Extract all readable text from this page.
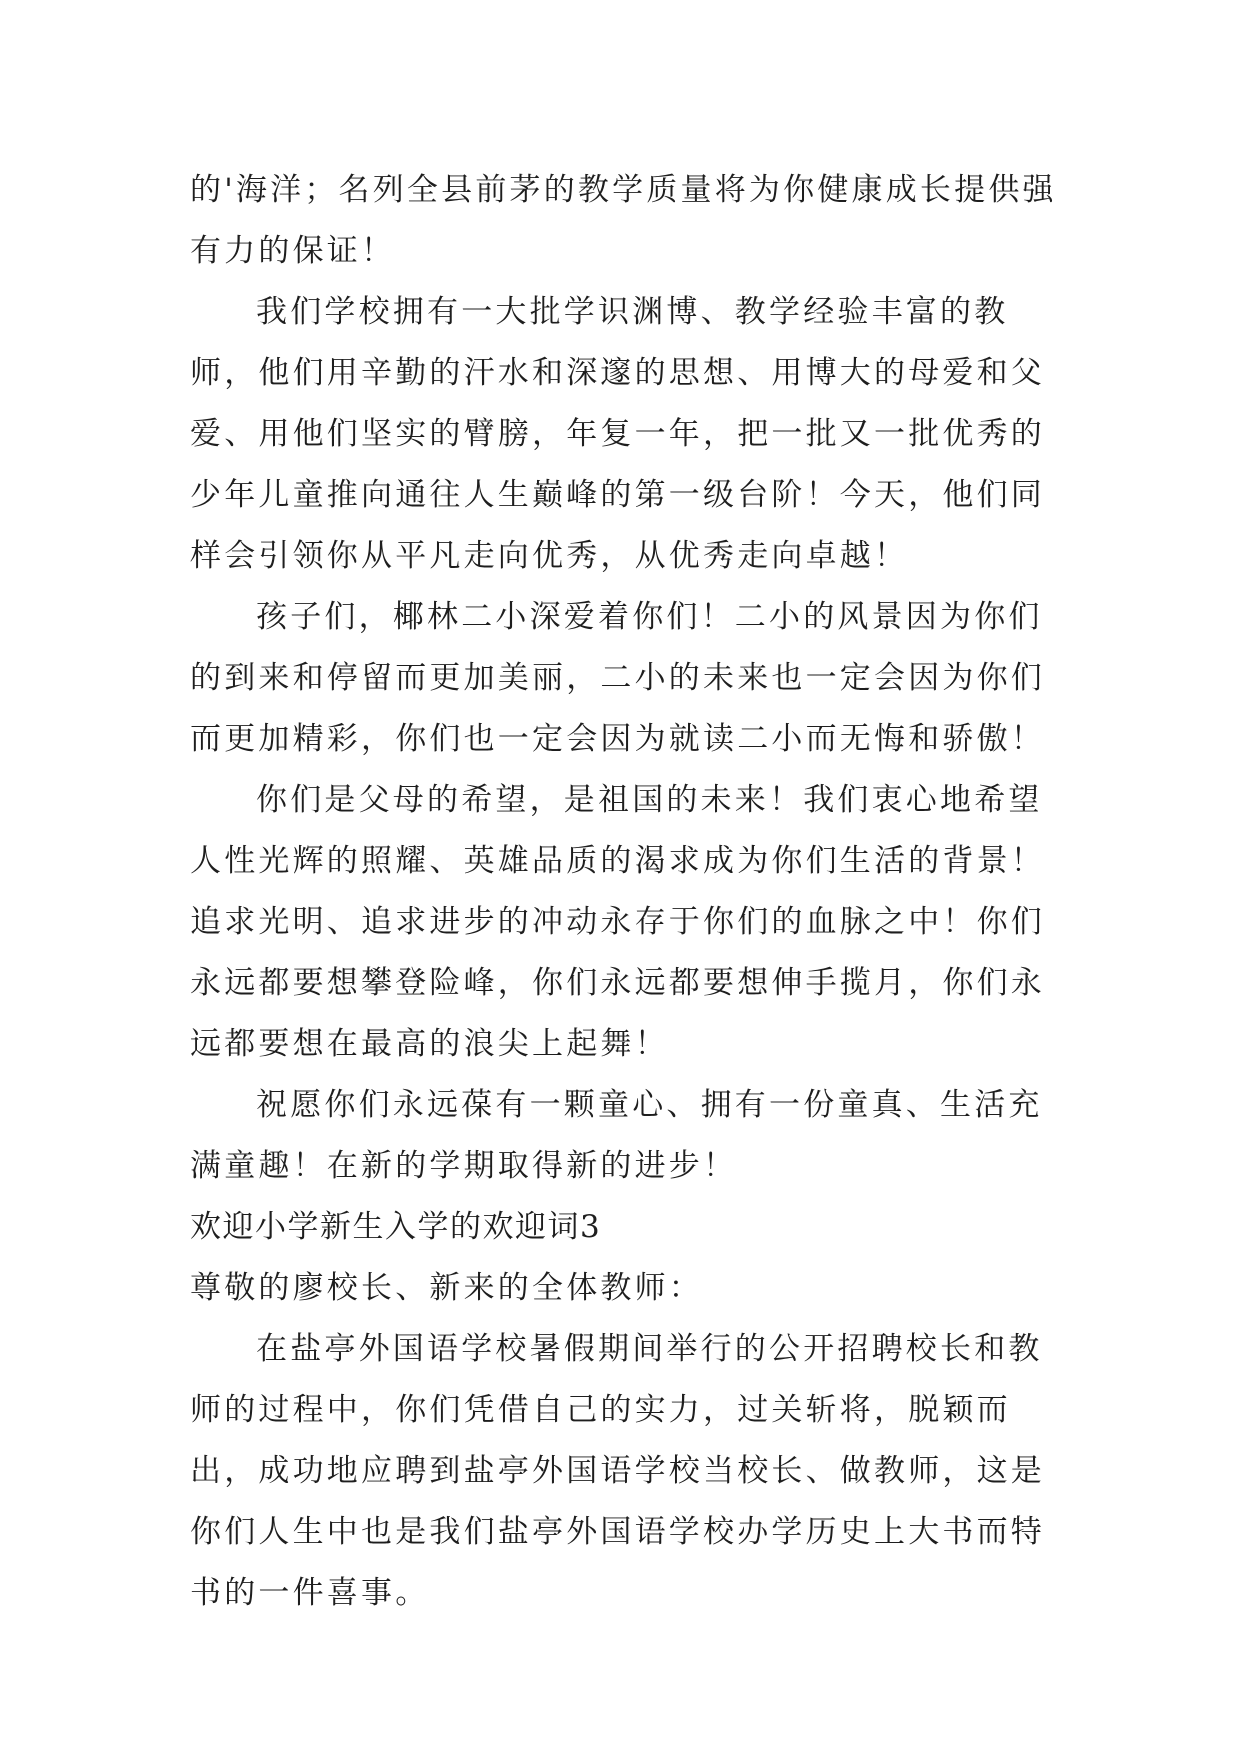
的'海洋；名列全县前茅的教学质量将为你健康成长提供强有力的保证！

我们学校拥有一大批学识渊博、教学经验丰富的教师，他们用辛勤的汗水和深邃的思想、用博大的母爱和父爱、用他们坚实的臂膀，年复一年，把一批又一批优秀的少年儿童推向通往人生巅峰的第一级台阶！今天，他们同样会引领你从平凡走向优秀，从优秀走向卓越！

孩子们，椰林二小深爱着你们！二小的风景因为你们的到来和停留而更加美丽，二小的未来也一定会因为你们而更加精彩，你们也一定会因为就读二小而无悔和骄傲！

你们是父母的希望，是祖国的未来！我们衷心地希望人性光辉的照耀、英雄品质的渴求成为你们生活的背景！追求光明、追求进步的冲动永存于你们的血脉之中！你们永远都要想攀登险峰，你们永远都要想伸手揽月，你们永远都要想在最高的浪尖上起舞！

祝愿你们永远葆有一颗童心、拥有一份童真、生活充满童趣！在新的学期取得新的进步！

欢迎小学新生入学的欢迎词3

尊敬的廖校长、新来的全体教师：

在盐亭外国语学校暑假期间举行的公开招聘校长和教师的过程中，你们凭借自己的实力，过关斩将，脱颖而出，成功地应聘到盐亭外国语学校当校长、做教师，这是你们人生中也是我们盐亭外国语学校办学历史上大书而特书的一件喜事。
